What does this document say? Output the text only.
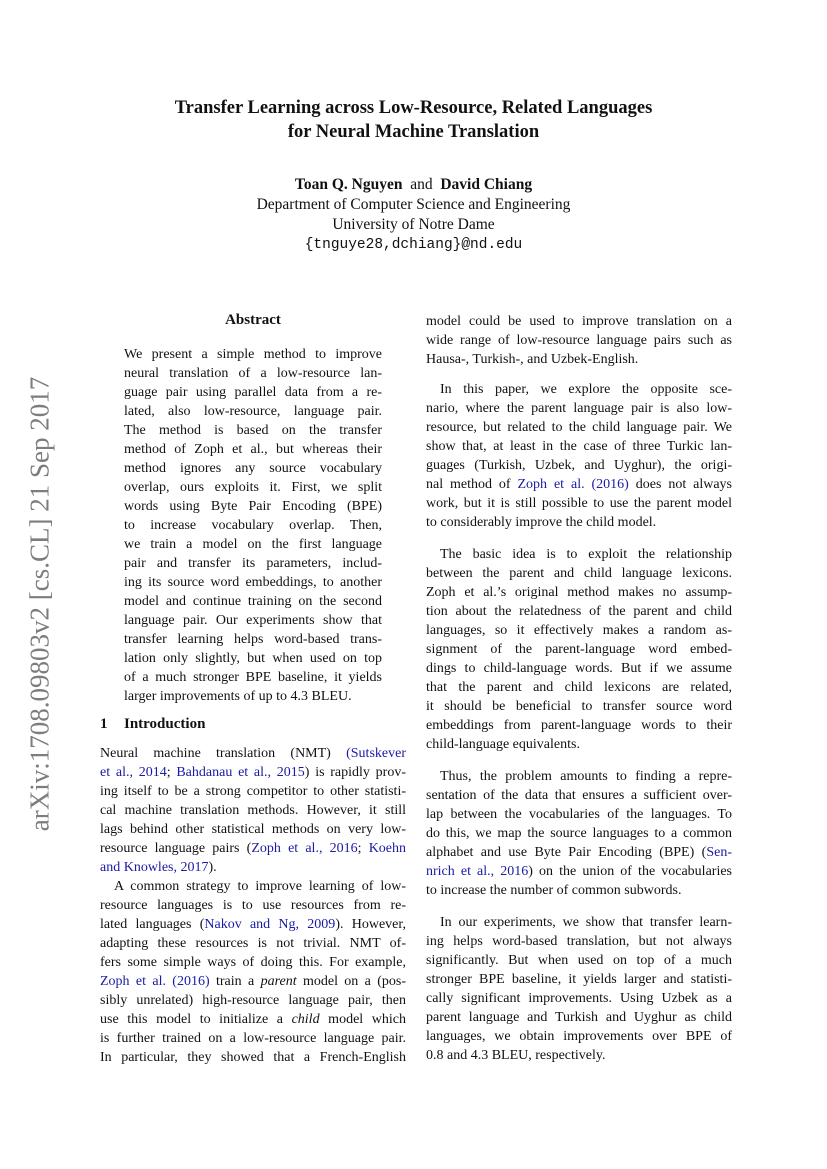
Transfer Learning across Low-Resource, Related Languages
for Neural Machine Translation
Toan Q. Nguyen and David Chiang
Department of Computer Science and Engineering
University of Notre Dame
{tnguye28,dchiang}@nd.edu
arXiv:1708.09803v2 [cs.CL] 21 Sep 2017
Abstract
We present a simple method to improve
neural translation of a low-resource lan-
guage pair using parallel data from a re-
lated, also low-resource, language pair.
The method is based on the transfer
method of Zoph et al., but whereas their
method ignores any source vocabulary
overlap, ours exploits it. First, we split
words using Byte Pair Encoding (BPE)
to increase vocabulary overlap. Then,
we train a model on the first language
pair and transfer its parameters, includ-
ing its source word embeddings, to another
model and continue training on the second
language pair. Our experiments show that
transfer learning helps word-based trans-
lation only slightly, but when used on top
of a much stronger BPE baseline, it yields
larger improvements of up to 4.3 BLEU.
1 Introduction
Neural machine translation (NMT) (Sutskever
et al., 2014; Bahdanau et al., 2015) is rapidly prov-
ing itself to be a strong competitor to other statisti-
cal machine translation methods. However, it still
lags behind other statistical methods on very low-
resource language pairs (Zoph et al., 2016; Koehn
and Knowles, 2017).
A common strategy to improve learning of low-
resource languages is to use resources from re-
lated languages (Nakov and Ng, 2009). However,
adapting these resources is not trivial. NMT of-
fers some simple ways of doing this. For example,
Zoph et al. (2016) train a parent model on a (pos-
sibly unrelated) high-resource language pair, then
use this model to initialize a child model which
is further trained on a low-resource language pair.
In particular, they showed that a French-English
model could be used to improve translation on a
wide range of low-resource language pairs such as
Hausa-, Turkish-, and Uzbek-English.
In this paper, we explore the opposite sce-
nario, where the parent language pair is also low-
resource, but related to the child language pair. We
show that, at least in the case of three Turkic lan-
guages (Turkish, Uzbek, and Uyghur), the origi-
nal method of Zoph et al. (2016) does not always
work, but it is still possible to use the parent model
to considerably improve the child model.
The basic idea is to exploit the relationship
between the parent and child language lexicons.
Zoph et al.’s original method makes no assump-
tion about the relatedness of the parent and child
languages, so it effectively makes a random as-
signment of the parent-language word embed-
dings to child-language words. But if we assume
that the parent and child lexicons are related,
it should be beneficial to transfer source word
embeddings from parent-language words to their
child-language equivalents.
Thus, the problem amounts to finding a repre-
sentation of the data that ensures a sufficient over-
lap between the vocabularies of the languages. To
do this, we map the source languages to a common
alphabet and use Byte Pair Encoding (BPE) (Sen-
nrich et al., 2016) on the union of the vocabularies
to increase the number of common subwords.
In our experiments, we show that transfer learn-
ing helps word-based translation, but not always
significantly. But when used on top of a much
stronger BPE baseline, it yields larger and statisti-
cally significant improvements. Using Uzbek as a
parent language and Turkish and Uyghur as child
languages, we obtain improvements over BPE of
0.8 and 4.3 BLEU, respectively.
